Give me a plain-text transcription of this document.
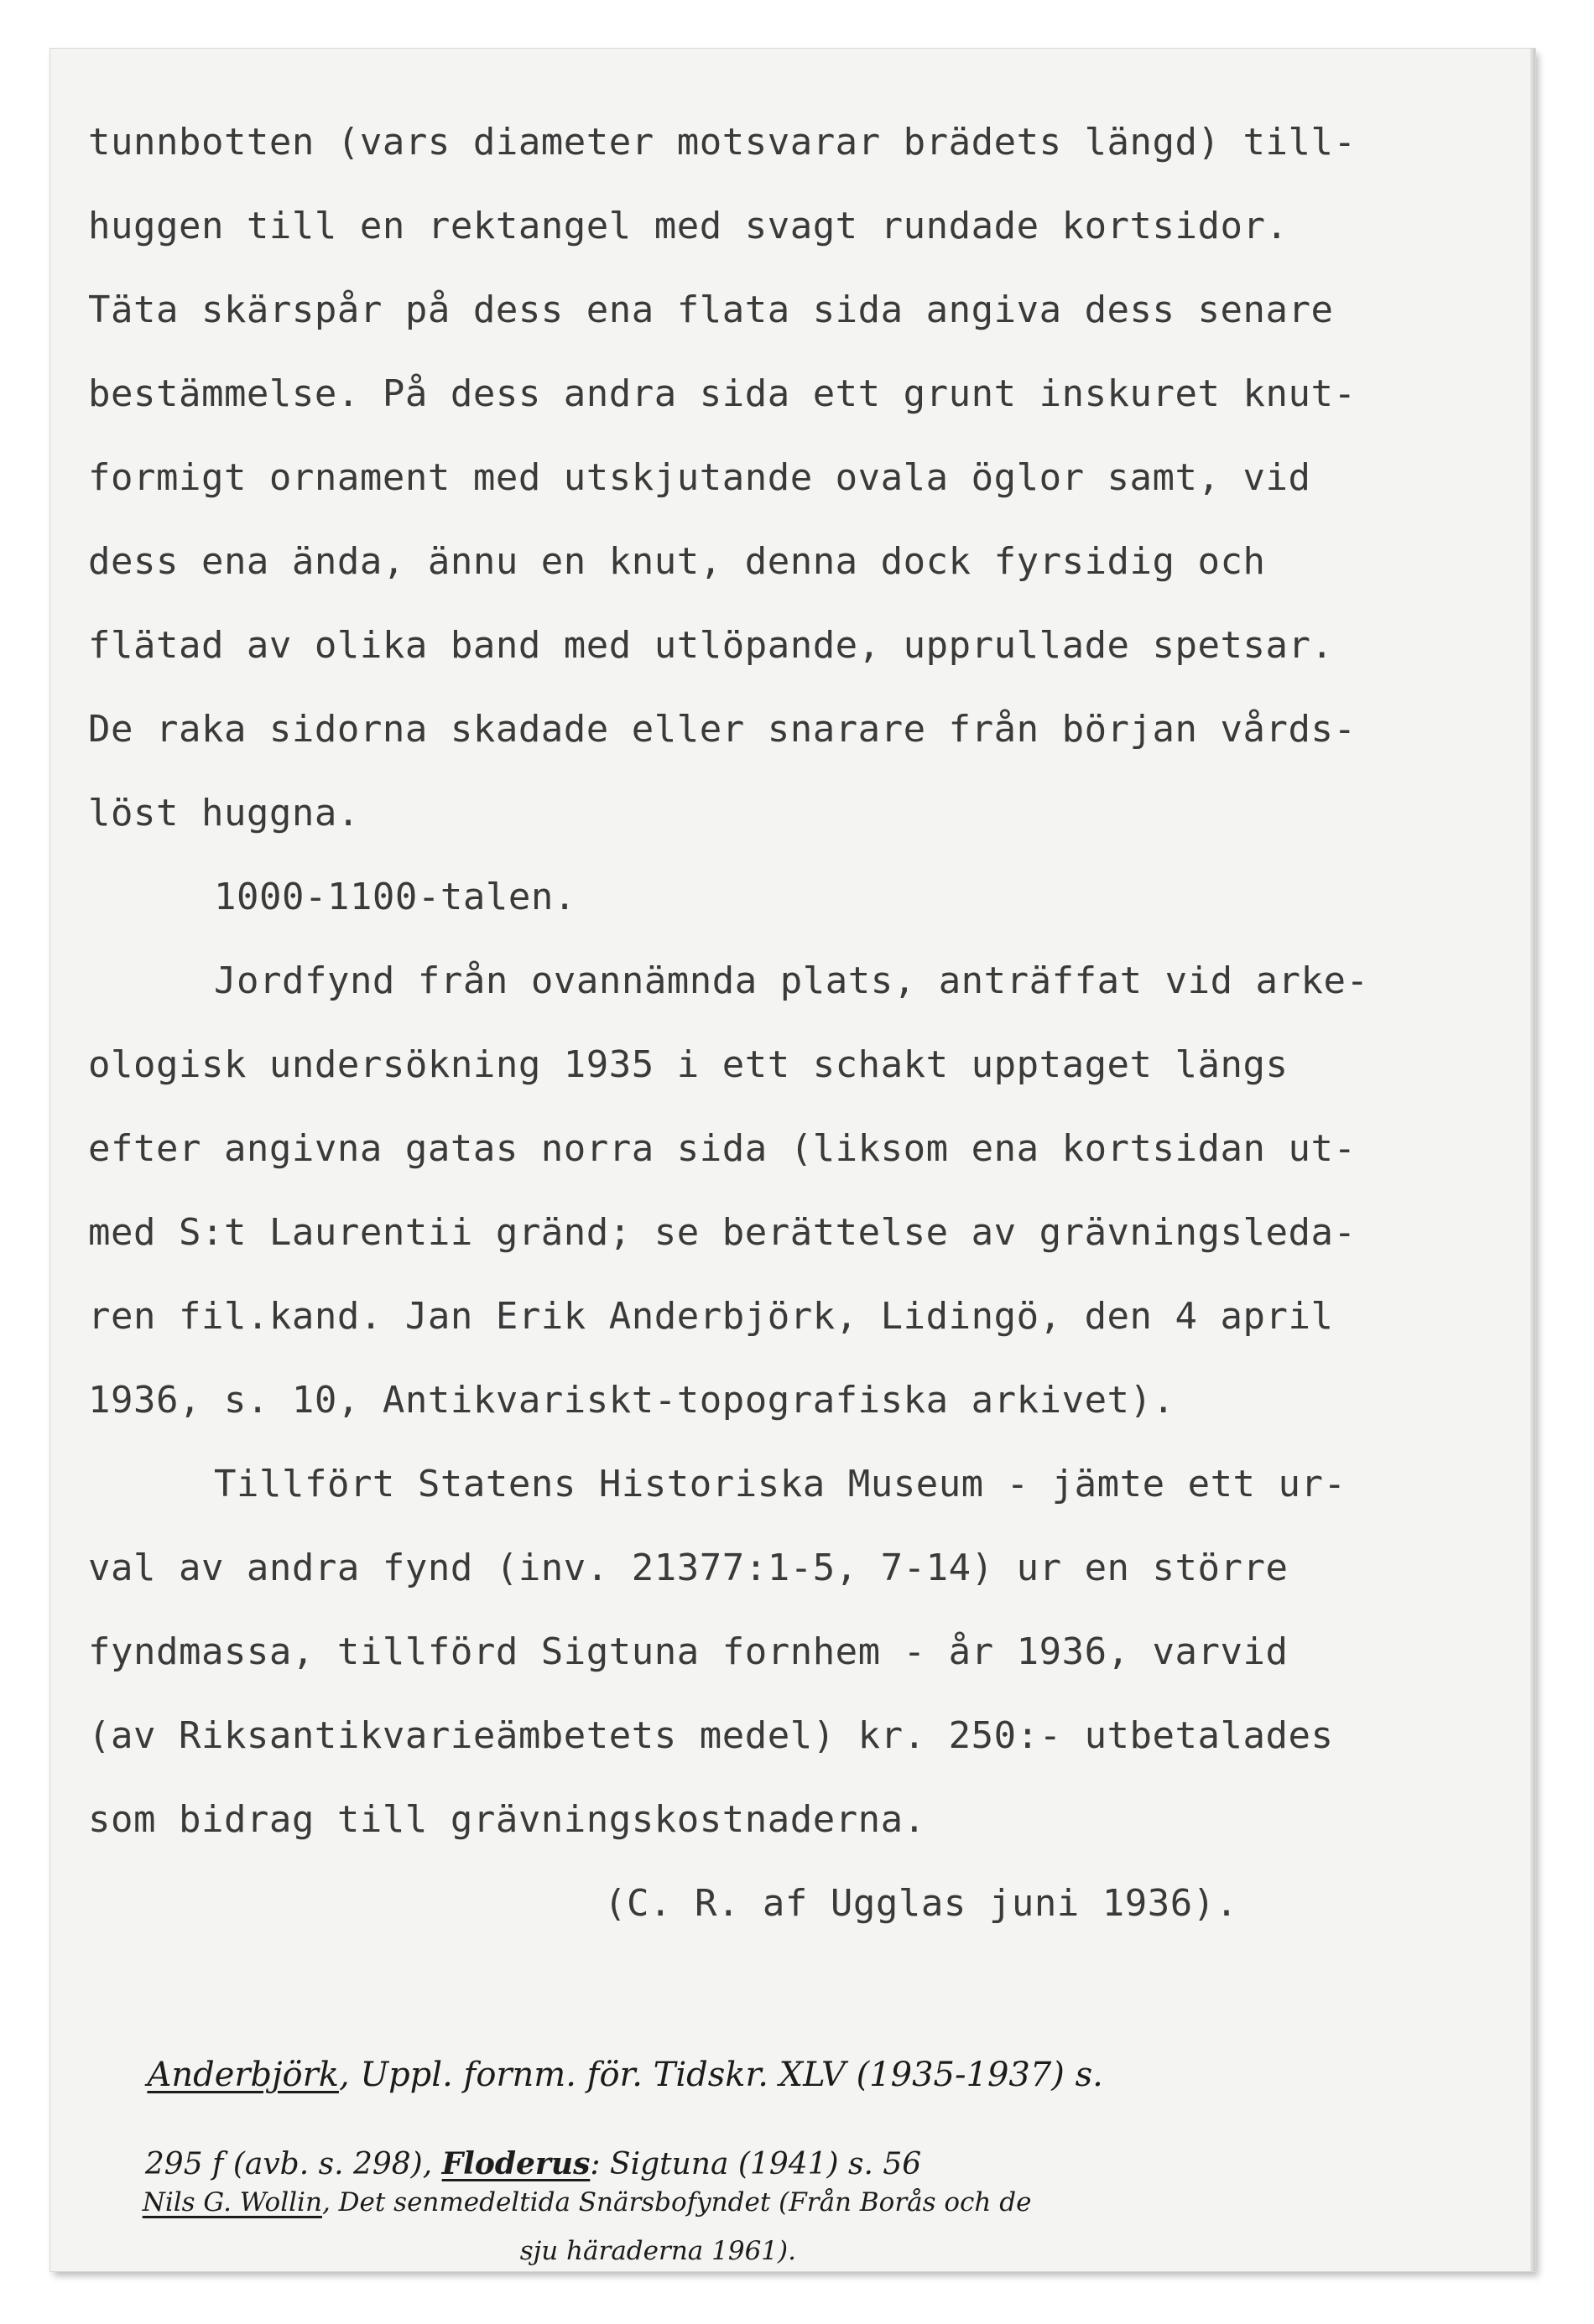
tunnbotten (vars diameter motsvarar brädets längd) till-

huggen till en rektangel med svagt rundade kortsidor.

Täta skärspår på dess ena flata sida angiva dess senare

bestämmelse. På dess andra sida ett grunt inskuret knut-

formigt ornament med utskjutande ovala öglor samt, vid

dess ena ända, ännu en knut, denna dock fyrsidig och

flätad av olika band med utlöpande, upprullade spetsar.

De raka sidorna skadade eller snarare från början vårds-

löst huggna.

1000-1100-talen.

Jordfynd från ovannämnda plats, anträffat vid arke-

ologisk undersökning 1935 i ett schakt upptaget längs

efter angivna gatas norra sida (liksom ena kortsidan ut-

med S:t Laurentii gränd; se berättelse av grävningsleda-

ren fil.kand. Jan Erik Anderbjörk, Lidingö, den 4 april

1936, s. 10, Antikvariskt-topografiska arkivet).

Tillfört Statens Historiska Museum - jämte ett ur-

val av andra fynd (inv. 21377:1-5, 7-14) ur en större

fyndmassa, tillförd Sigtuna fornhem - år 1936, varvid

(av Riksantikvarieämbetets medel) kr. 250:- utbetalades

som bidrag till grävningskostnaderna.

(C. R. af Ugglas juni 1936).

Anderbjörk, Uppl. fornm. för. Tidskr. XLV (1935-1937) s.

295 f (avb. s. 298), Floderus: Sigtuna (1941) s. 56

Nils G. Wollin, Det senmedeltida Snärsbofyndet (Från Borås och de

sju häraderna 1961).
